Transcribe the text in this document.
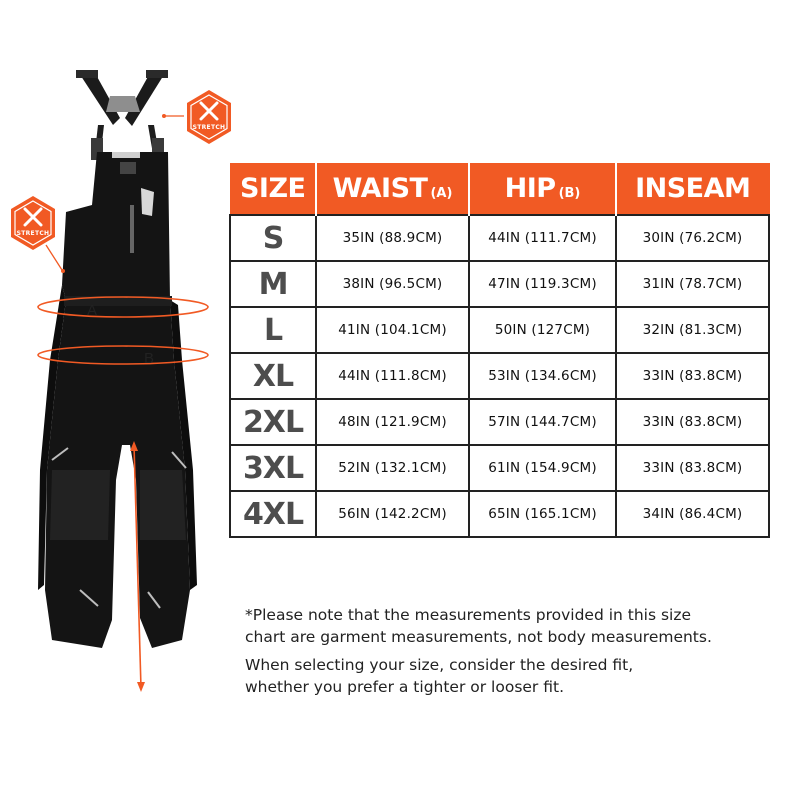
A
B
STRETCH
STRETCH
SIZE	WAIST (A)	HIP (B)	INSEAM
S	35IN (88.9CM)	44IN (111.7CM)	30IN (76.2CM)
M	38IN (96.5CM)	47IN (119.3CM)	31IN (78.7CM)
L	41IN (104.1CM)	50IN (127CM)	32IN (81.3CM)
XL	44IN (111.8CM)	53IN (134.6CM)	33IN (83.8CM)
2XL	48IN (121.9CM)	57IN (144.7CM)	33IN (83.8CM)
3XL	52IN (132.1CM)	61IN (154.9CM)	33IN (83.8CM)
4XL	56IN (142.2CM)	65IN (165.1CM)	34IN (86.4CM)
*Please note that the measurements provided in this size
chart are garment measurements, not body measurements.
When selecting your size, consider the desired fit,
whether you prefer a tighter or looser fit.
